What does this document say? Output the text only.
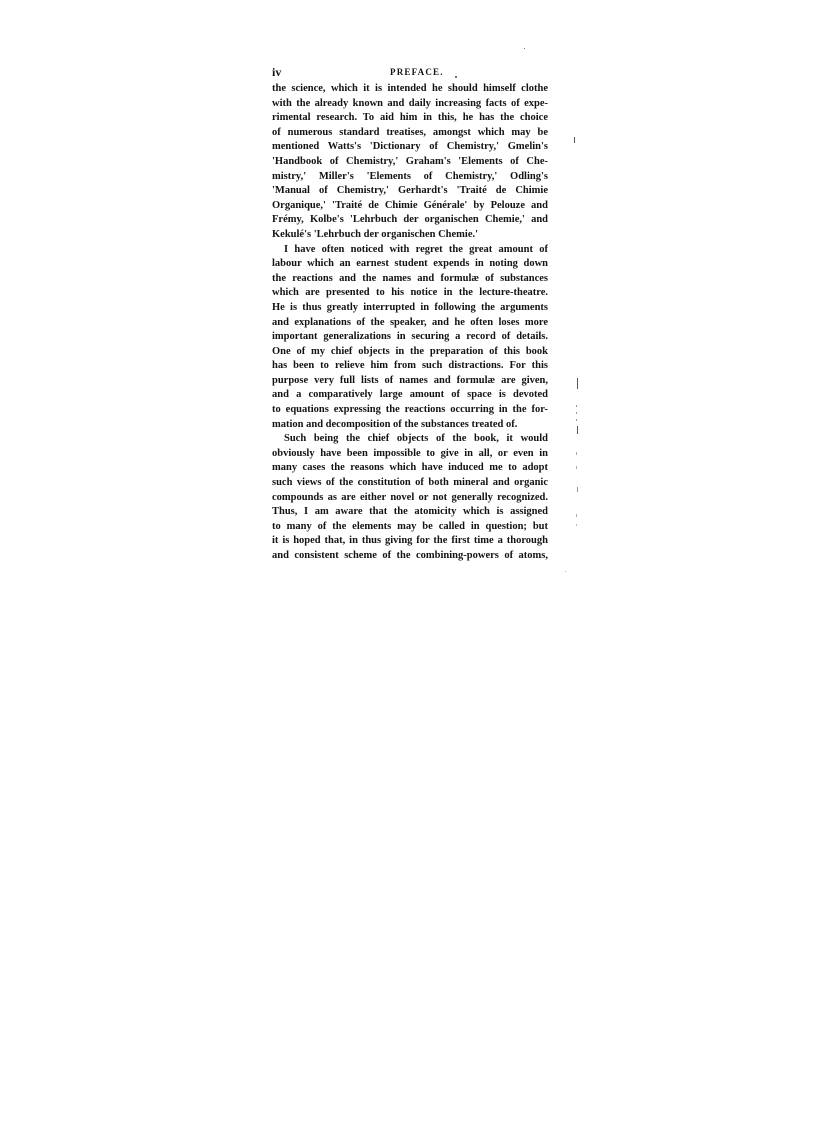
iv	PREFACE.
the science, which it is intended he should himself clothe
with the already known and daily increasing facts of expe-
rimental research. To aid him in this, he has the choice
of numerous standard treatises, amongst which may be
mentioned Watts's 'Dictionary of Chemistry,' Gmelin's
'Handbook of Chemistry,' Graham's 'Elements of Che-
mistry,' Miller's 'Elements of Chemistry,' Odling's
'Manual of Chemistry,' Gerhardt's 'Traité de Chimie
Organique,' 'Traité de Chimie Générale' by Pelouze and
Frémy, Kolbe's 'Lehrbuch der organischen Chemie,' and
Kekulé's 'Lehrbuch der organischen Chemie.'
I have often noticed with regret the great amount of
labour which an earnest student expends in noting down
the reactions and the names and formulæ of substances
which are presented to his notice in the lecture-theatre.
He is thus greatly interrupted in following the arguments
and explanations of the speaker, and he often loses more
important generalizations in securing a record of details.
One of my chief objects in the preparation of this book
has been to relieve him from such distractions. For this
purpose very full lists of names and formulæ are given,
and a comparatively large amount of space is devoted
to equations expressing the reactions occurring in the for-
mation and decomposition of the substances treated of.
Such being the chief objects of the book, it would
obviously have been impossible to give in all, or even in
many cases the reasons which have induced me to adopt
such views of the constitution of both mineral and organic
compounds as are either novel or not generally recognized.
Thus, I am aware that the atomicity which is assigned
to many of the elements may be called in question; but
it is hoped that, in thus giving for the first time a thorough
and consistent scheme of the combining-powers of atoms,
